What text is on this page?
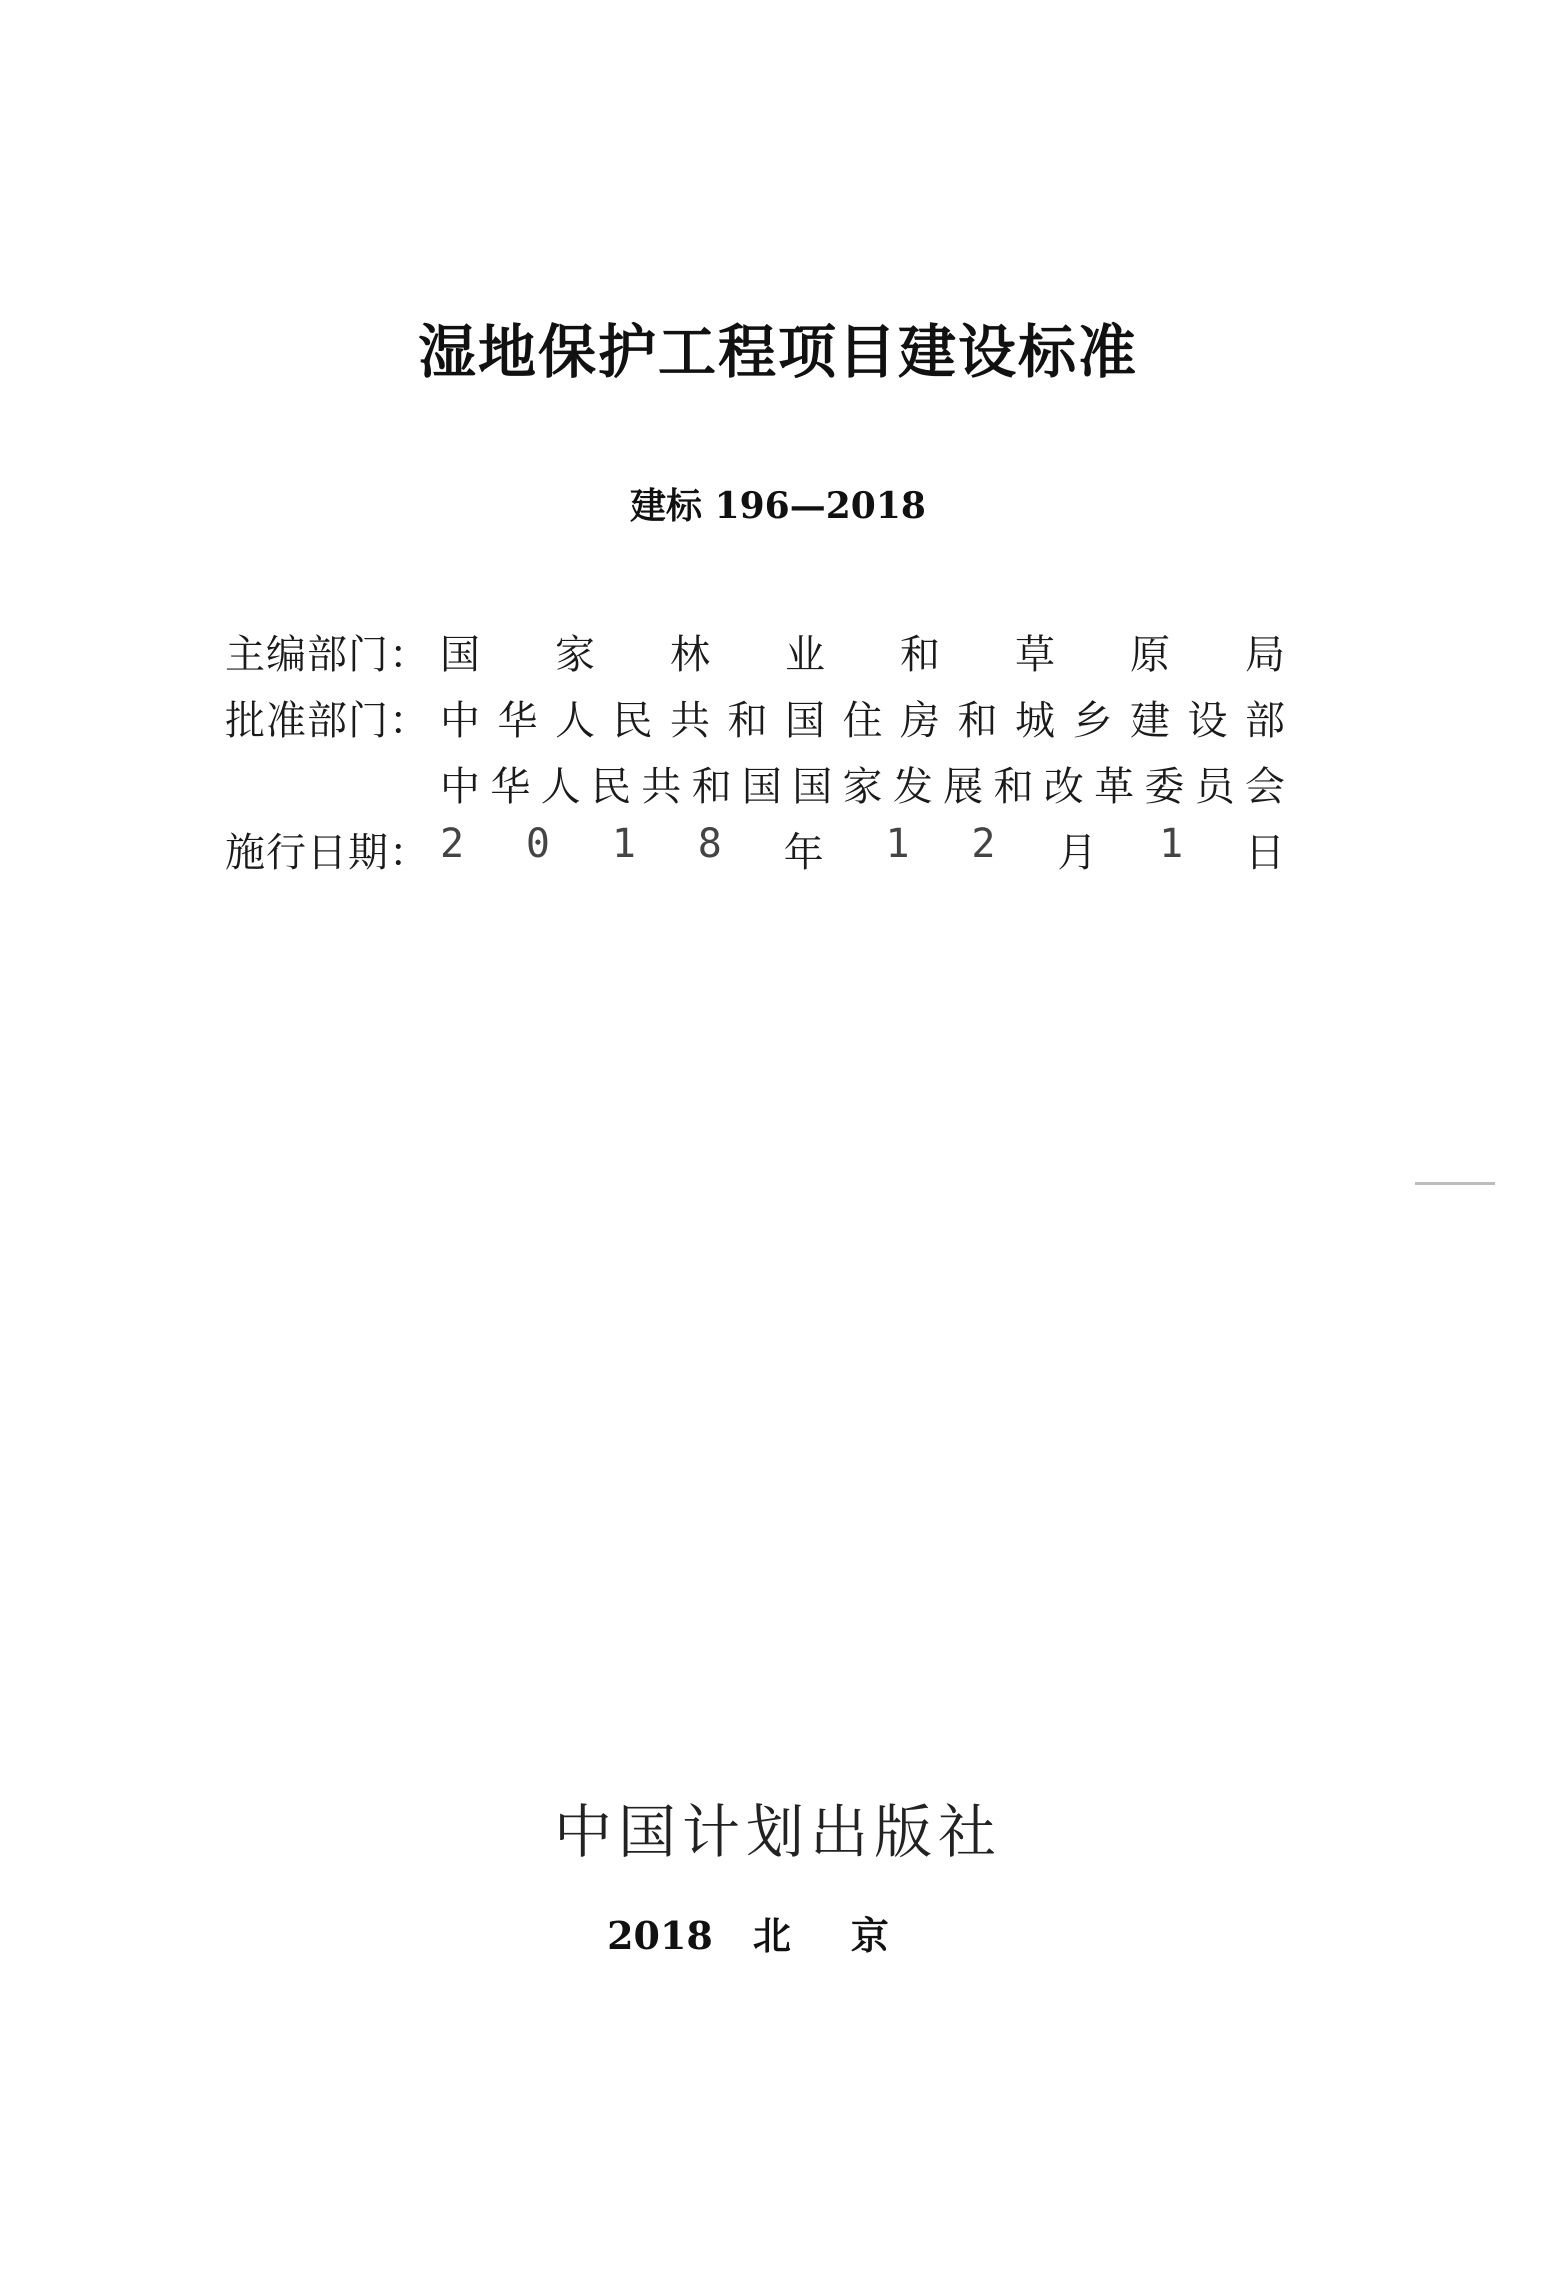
湿地保护工程项目建设标准
建标 196—2018
主编部门： 国 家 林 业 和 草 原 局
批准部门： 中 华 人 民 共 和 国 住 房 和 城 乡 建 设 部
中 华 人 民 共 和 国 国 家 发 展 和 改 革 委 员 会
施行日期： 2 0 1 8 年 1 2 月 1 日
中国计划出版社
2018 北京
